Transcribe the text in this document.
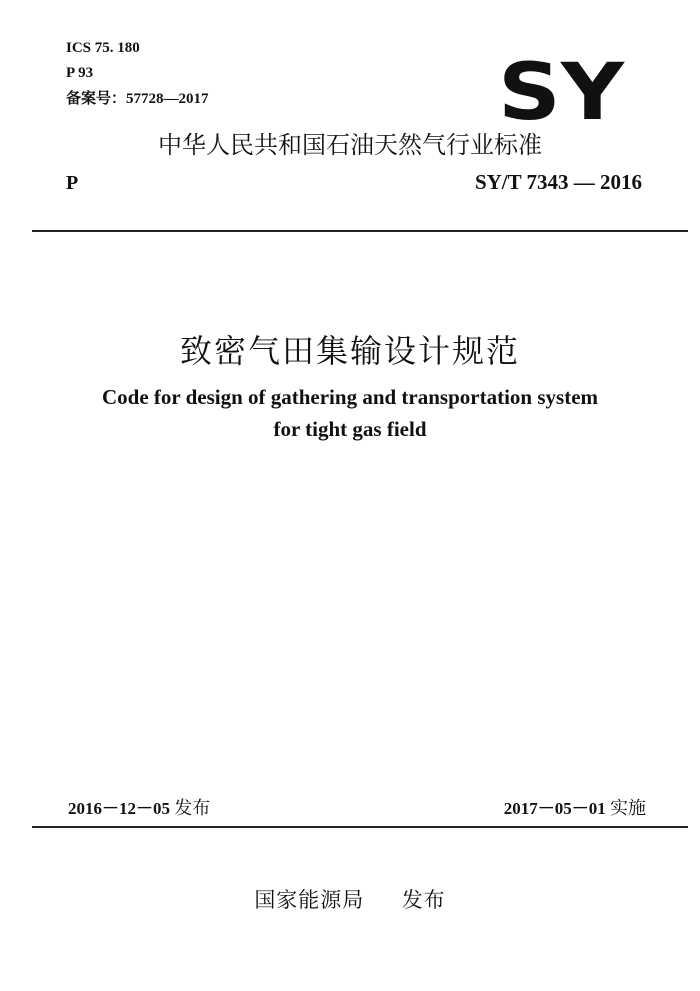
ICS 75. 180
P 93
备案号：57728—2017	SY
中华人民共和国石油天然气行业标准
P	SY/T 7343 — 2016
致密气田集输设计规范
Code for design of gathering and transportation system
for tight gas field
2016－12－05 发布	2017－05－01 实施
国家能源局 发布
